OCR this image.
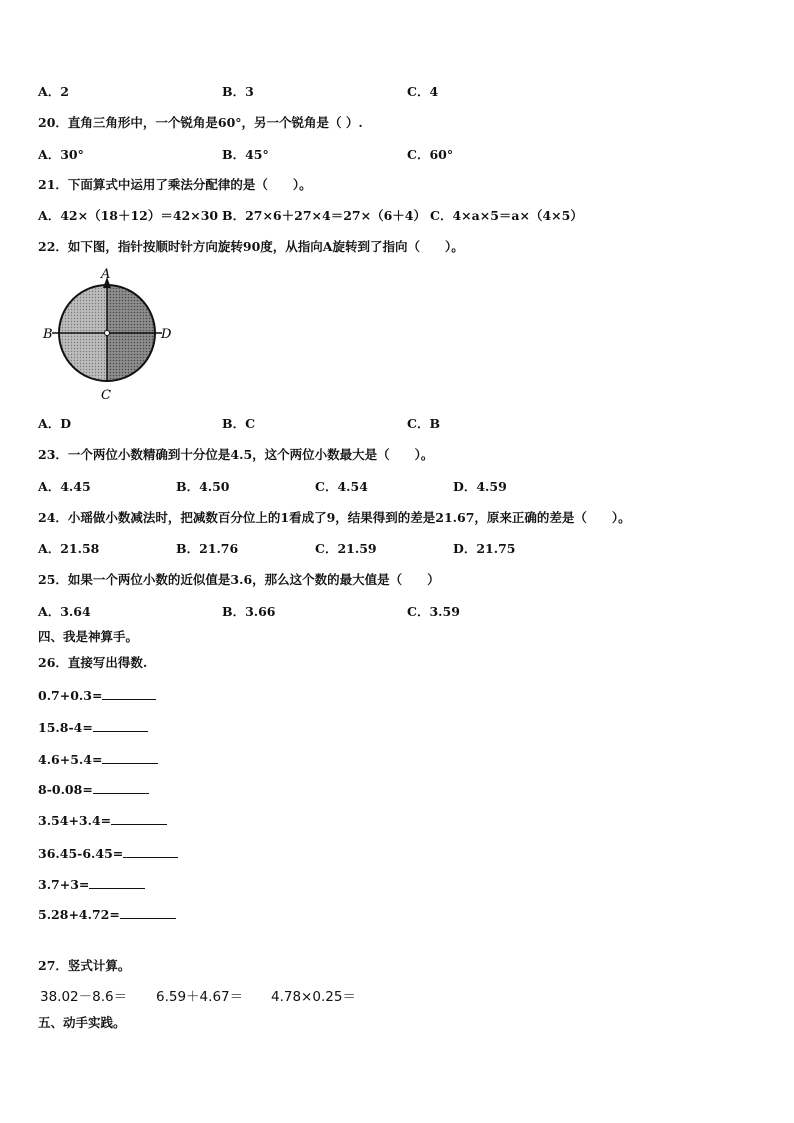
A．2	B．3	C．4
20．直角三角形中，一个锐角是60°，另一个锐角是（ ）.
A．30°	B．45°	C．60°
21．下面算式中运用了乘法分配律的是（　　）。
A．42×（18＋12）＝42×30 B．27×6＋27×4＝27×（6＋4） C．4×a×5＝a×（4×5）
22．如下图，指针按顺时针方向旋转90度，从指向A旋转到了指向（　　）。
A
B
C
D
A．D	B．C	C．B
23．一个两位小数精确到十分位是4.5，这个两位小数最大是（　　）。
A．4.45	B．4.50	C．4.54	D．4.59
24．小瑶做小数减法时，把减数百分位上的1看成了9，结果得到的差是21.67，原来正确的差是（　　）。
A．21.58	B．21.76	C．21.59	D．21.75
25．如果一个两位小数的近似值是3.6，那么这个数的最大值是（　　）
A．3.64	B．3.66	C．3.59
四、我是神算手。
26．直接写出得数.
0.7+0.3=
15.8-4=
4.6+5.4=
8-0.08=
3.54+3.4=
36.45-6.45=
3.7+3=
5.28+4.72=
27．竖式计算。
38.02－8.6＝ 6.59＋4.67＝ 4.78×0.25＝
五、动手实践。
